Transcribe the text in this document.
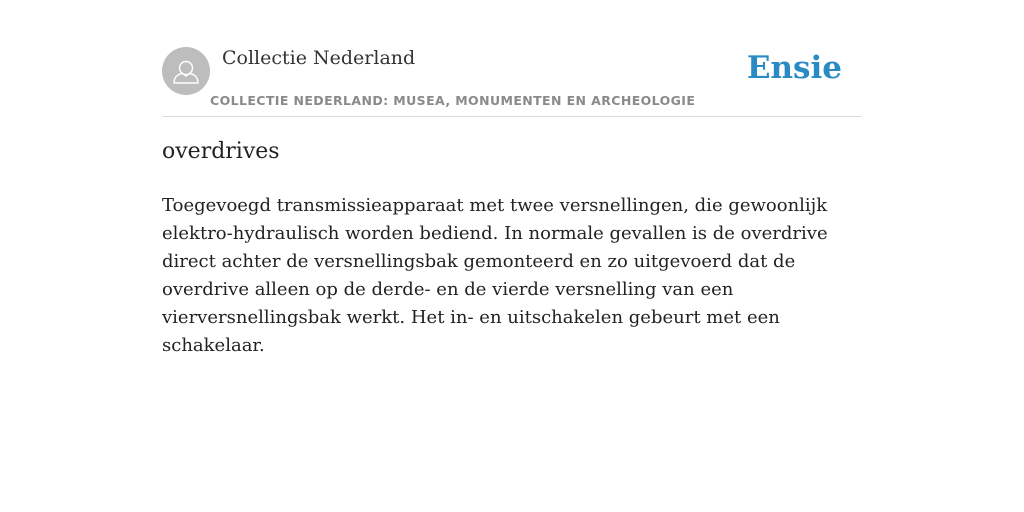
Collectie Nederland
COLLECTIE NEDERLAND: MUSEA, MONUMENTEN EN ARCHEOLOGIE
Ensie
overdrives

Toegevoegd transmissieapparaat met twee versnellingen, die gewoonlijk elektro-hydraulisch worden bediend. In normale gevallen is de overdrive direct achter de versnellingsbak gemonteerd en zo uitgevoerd dat de overdrive alleen op de derde- en de vierde versnelling van een vierversnellingsbak werkt. Het in- en uitschakelen gebeurt met een schakelaar.
